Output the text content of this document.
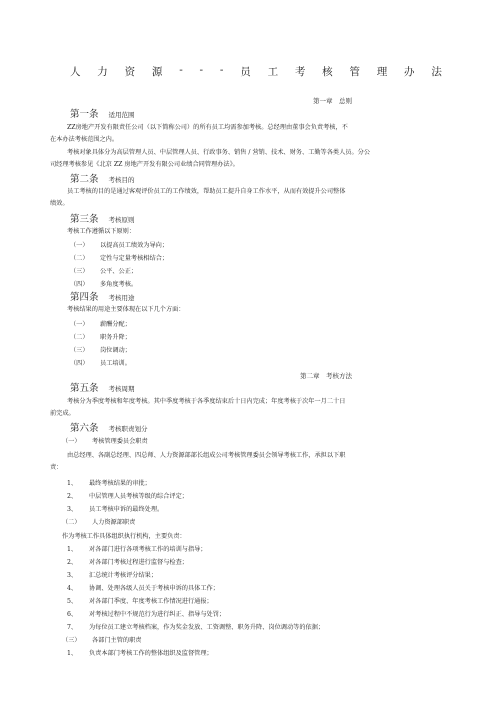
人 力 资 源 - - - 员 工 考 核 管 理 办 法
第一章　总则
第一条 适用范围
ZZ房地产开发有限责任公司（以下简称公司）的所有员工均需参加考核。总经理由董事会负责考核，不
在本办法考核范围之内。
考核对象具体分为高层管理人员、中层管理人员、行政事务、销售 / 营销、技术、财务、工勤等各类人员。分公
司经理考核参见《北京 ZZ 房地产开发有限公司业绩合同管理办法》。
第二条 考核目的
员工考核的目的是通过客观评价员工的工作绩效，帮助员工提升自身工作水平，从而有效提升公司整体
绩效。
第三条 考核原则
考核工作遵循以下原则：
（一） 以提高员工绩效为导向；
（二） 定性与定量考核相结合；
（三） 公平、公正；
（四） 多角度考核。
第四条 考核用途
考核结果的用途主要体现在以下几个方面：
（一） 薪酬分配；
（二） 职务升降；
（三） 岗位调动；
（四） 员工培训。
第二章　考核方法
第五条 考核周期
考核分为季度考核和年度考核。其中季度考核于各季度结束后十日内完成；年度考核于次年一月二十日
前完成。
第六条 考核职责划分
（一） 考核管理委员会职责
由总经理、各副总经理、四总师、人力资源部部长组成公司考核管理委员会领导考核工作，承担以下职
责：
1、 最终考核结果的审批；
2、 中层管理人员考核等级的综合评定；
3、 员工考核申诉的最终处理。
（二） 人力资源部职责
作为考核工作具体组织执行机构，主要负责：
1、 对各部门进行各项考核工作的培训与指导；
2、 对各部门考核过程进行监督与检查；
3、 汇总统计考核评分结果；
4、 协调、处理各级人员关于考核申诉的具体工作；
5、 对各部门季度、年度考核工作情况进行通报；
6、 对考核过程中不规范行为进行纠正、指导与处罚；
7、 为每位员工建立考核档案，作为奖金发放、工资调整、职务升降、岗位调动等的依据；
（三） 各部门主管的职责
1、 负责本部门考核工作的整体组织及监督管理；
